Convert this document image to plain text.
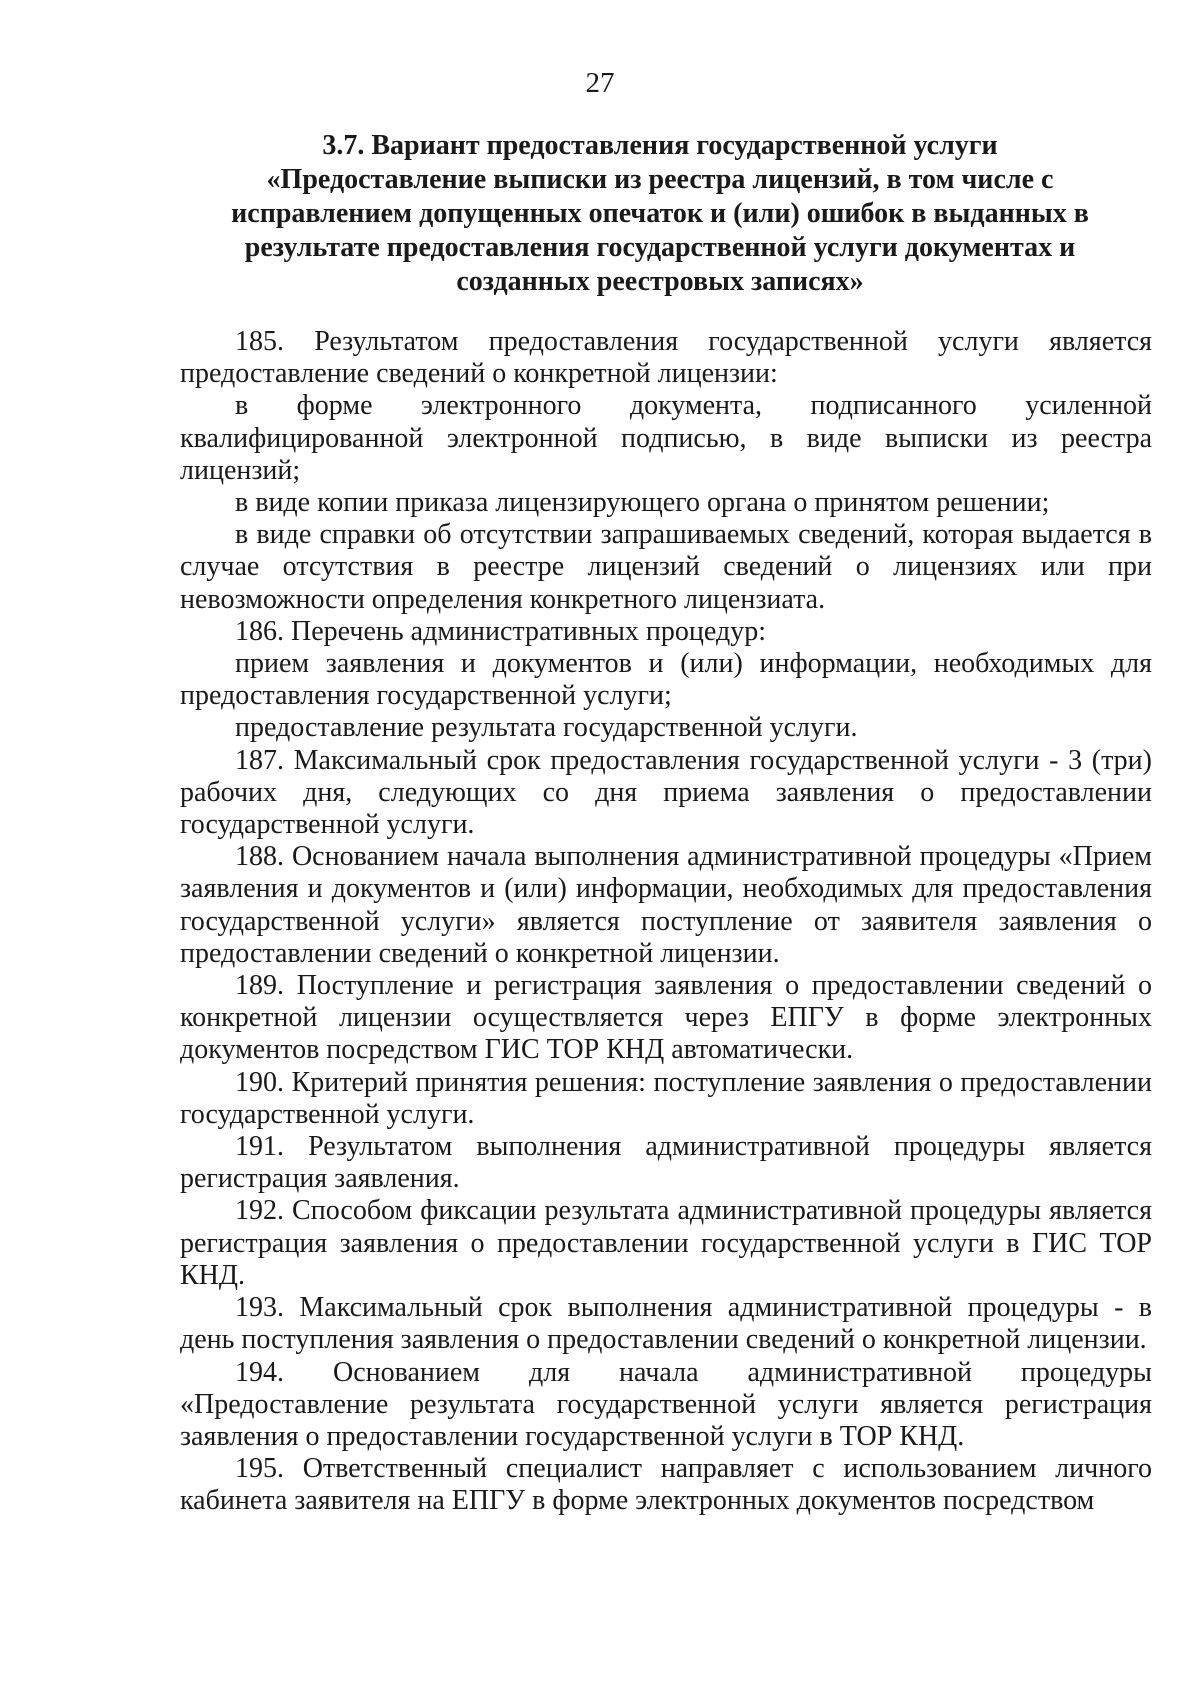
27
3.7. Вариант предоставления государственной услуги
«Предоставление выписки из реестра лицензий, в том числе с
исправлением допущенных опечаток и (или) ошибок в выданных в
результате предоставления государственной услуги документах и
созданных реестровых записях»

185. Результатом предоставления государственной услуги является предоставление сведений о конкретной лицензии:

в форме электронного документа, подписанного усиленной квалифицированной электронной подписью, в виде выписки из реестра лицензий;

в виде копии приказа лицензирующего органа о принятом решении;

в виде справки об отсутствии запрашиваемых сведений, которая выдается в случае отсутствия в реестре лицензий сведений о лицензиях или при невозможности определения конкретного лицензиата.

186. Перечень административных процедур:

прием заявления и документов и (или) информации, необходимых для предоставления государственной услуги;

предоставление результата государственной услуги.

187. Максимальный срок предоставления государственной услуги - 3 (три) рабочих дня, следующих со дня приема заявления о предоставлении государственной услуги.

188. Основанием начала выполнения административной процедуры «Прием заявления и документов и (или) информации, необходимых для предоставления государственной услуги» является поступление от заявителя заявления о предоставлении сведений о конкретной лицензии.

189. Поступление и регистрация заявления о предоставлении сведений о конкретной лицензии осуществляется через ЕПГУ в форме электронных документов посредством ГИС ТОР КНД автоматически.

190. Критерий принятия решения: поступление заявления о предоставлении государственной услуги.

191. Результатом выполнения административной процедуры является регистрация заявления.

192. Способом фиксации результата административной процедуры является регистрация заявления о предоставлении государственной услуги в ГИС ТОР КНД.

193. Максимальный срок выполнения административной процедуры - в день поступления заявления о предоставлении сведений о конкретной лицензии.

194. Основанием для начала административной процедуры «Предоставление результата государственной услуги является регистрация заявления о предоставлении государственной услуги в ТОР КНД.

195. Ответственный специалист направляет с использованием личного кабинета заявителя на ЕПГУ в форме электронных документов посредством
